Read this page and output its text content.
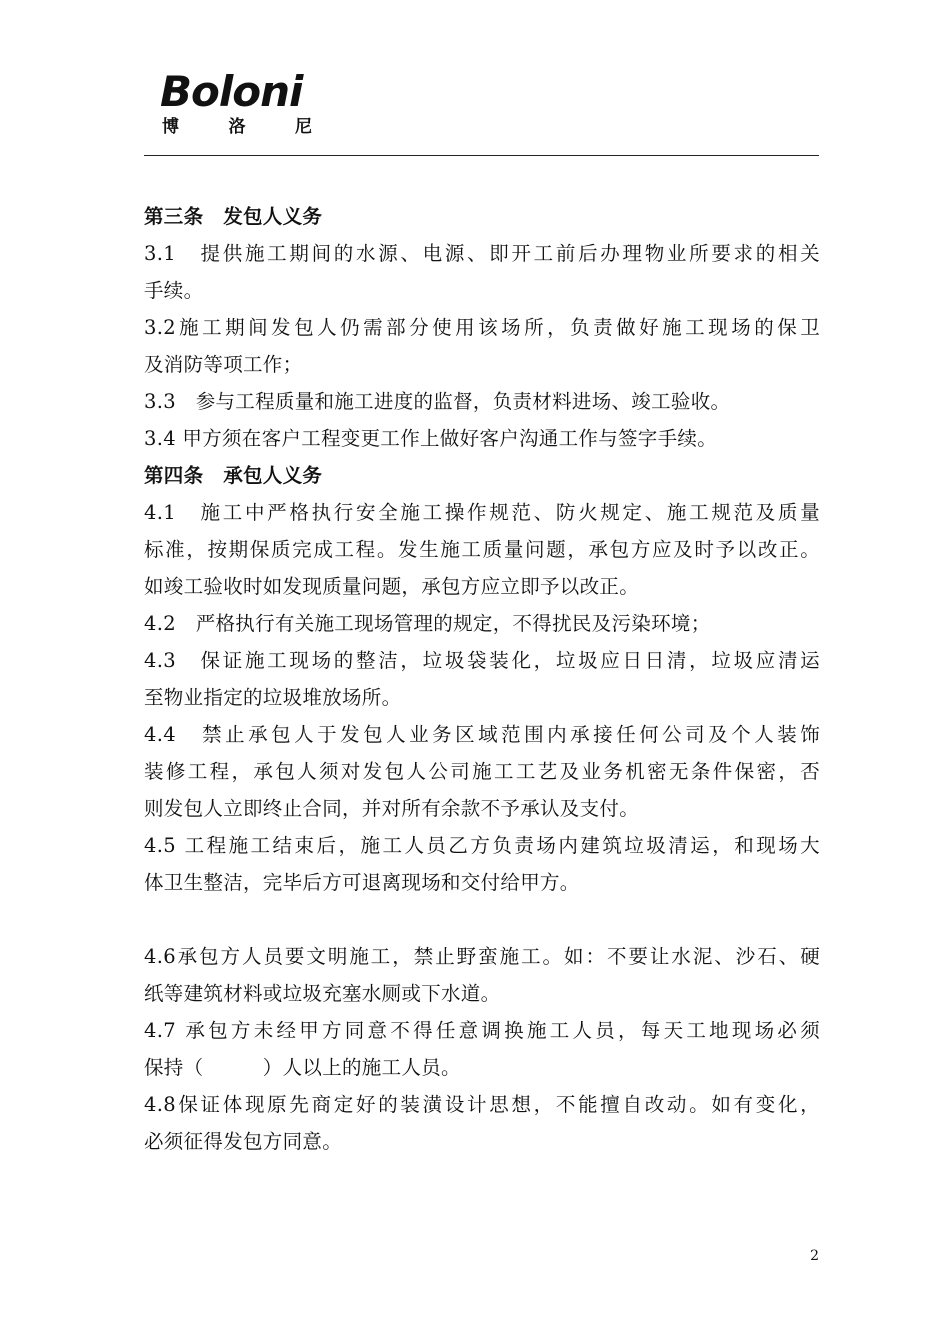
Boloni
博	洛	尼
第三条　发包人义务
3.1　提供施工期间的水源、电源、即开工前后办理物业所要求的相关
手续。
3.2施工期间发包人仍需部分使用该场所，负责做好施工现场的保卫
及消防等项工作；
3.3　参与工程质量和施工进度的监督，负责材料进场、竣工验收。
3.4 甲方须在客户工程变更工作上做好客户沟通工作与签字手续。
第四条　承包人义务
4.1　施工中严格执行安全施工操作规范、防火规定、施工规范及质量
标准，按期保质完成工程。发生施工质量问题，承包方应及时予以改正。
如竣工验收时如发现质量问题，承包方应立即予以改正。
4.2　严格执行有关施工现场管理的规定，不得扰民及污染环境；
4.3　保证施工现场的整洁，垃圾袋装化，垃圾应日日清，垃圾应清运
至物业指定的垃圾堆放场所。
4.4　禁止承包人于发包人业务区域范围内承接任何公司及个人装饰
装修工程，承包人须对发包人公司施工工艺及业务机密无条件保密，否
则发包人立即终止合同，并对所有余款不予承认及支付。
4.5 工程施工结束后，施工人员乙方负责场内建筑垃圾清运，和现场大
体卫生整洁，完毕后方可退离现场和交付给甲方。
4.6承包方人员要文明施工，禁止野蛮施工。如：不要让水泥、沙石、硬
纸等建筑材料或垃圾充塞水厕或下水道。
4.7 承包方未经甲方同意不得任意调换施工人员，每天工地现场必须
保持（　　　）人以上的施工人员。
4.8保证体现原先商定好的装潢设计思想，不能擅自改动。如有变化，
必须征得发包方同意。
2
